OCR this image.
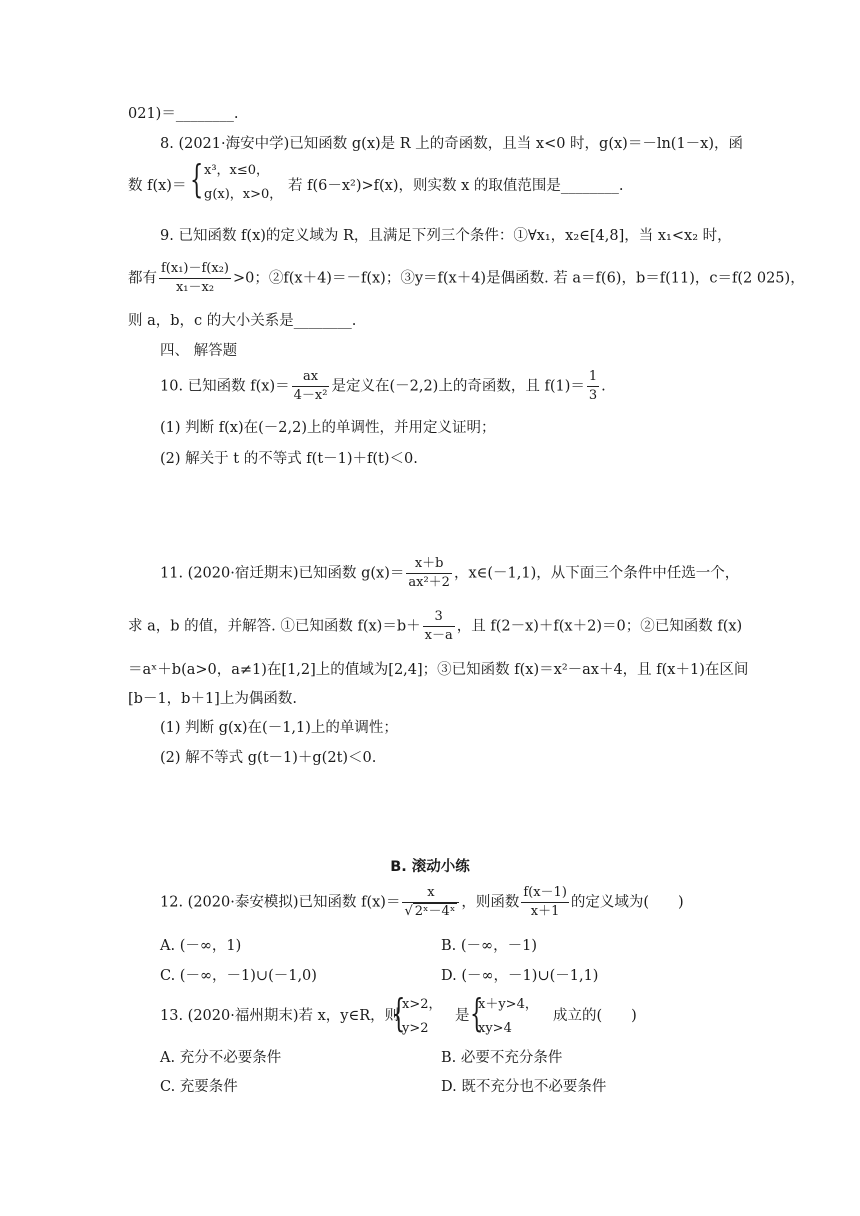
021)＝________.
8. (2021·海安中学)已知函数 g(x)是 R 上的奇函数，且当 x<0 时，g(x)＝－ln(1－x)，函
数 f(x)＝ { x³，x≤0，
g(x)，x>0，
若 f(6－x²)>f(x)，则实数 x 的取值范围是________.
9. 已知函数 f(x)的定义域为 R，且满足下列三个条件：①∀x₁，x₂∈[4,8]，当 x₁<x₂ 时，
都有 $\frac{\text{f(x₁)－f(x₂)}}{\text{x₁－x₂}} >0$；②f(x＋4)＝－f(x)；③y＝f(x＋4)是偶函数. 若 a＝f(6)，b＝f(11)，c＝f(2 025)，
则 a，b，c 的大小关系是________.
四、 解答题
10. 已知函数 $f(x)= \frac{ax}{\text{4－x²}}$ 是定义在(－2,2)上的奇函数，且 $f(1)= \frac{1}{3}$ .
(1) 判断 f(x)在(－2,2)上的单调性，并用定义证明；
(2) 解关于 t 的不等式 f(t－1)＋f(t)＜0.
11. (2020·宿迁期末)已知函数 $g(x)= \frac{x+b}{\text{ax²＋2}}$ ，x∈(－1,1)，从下面三个条件中任选一个，
求 a，b 的值，并解答. ①已知函数 $f(x)=b+ \frac{3}{x-a}$ ，且 f(2－x)＋f(x＋2)＝0；②已知函数 f(x)
＝aˣ＋b(a>0，a≠1)在[1,2]上的值域为[2,4]；③已知函数 f(x)＝x²－ax＋4，且 f(x＋1)在区间
[b－1，b＋1]上为偶函数.
(1) 判断 g(x)在(－1,1)上的单调性；
(2) 解不等式 g(t－1)＋g(2t)＜0.
B. 滚动小练
12. (2020·泰安模拟)已知函数 $f(x)= \frac{x}{\text{√ 2ˣ－4ˣ}}$ ，则函数 $\frac{f(x-1)}{x+1}$ 的定义域为(　　)
A. (－∞，1)	B. (－∞，－1)
C. (－∞，－1)∪(－1,0)	D. (－∞，－1)∪(－1,1)
13. (2020·福州期末)若 x，y∈R，则
{
x>2，
y>2
是 {
x＋y>4，
xy>4
成立的(　　)
A. 充分不必要条件	B. 必要不充分条件
C. 充要条件	D. 既不充分也不必要条件
